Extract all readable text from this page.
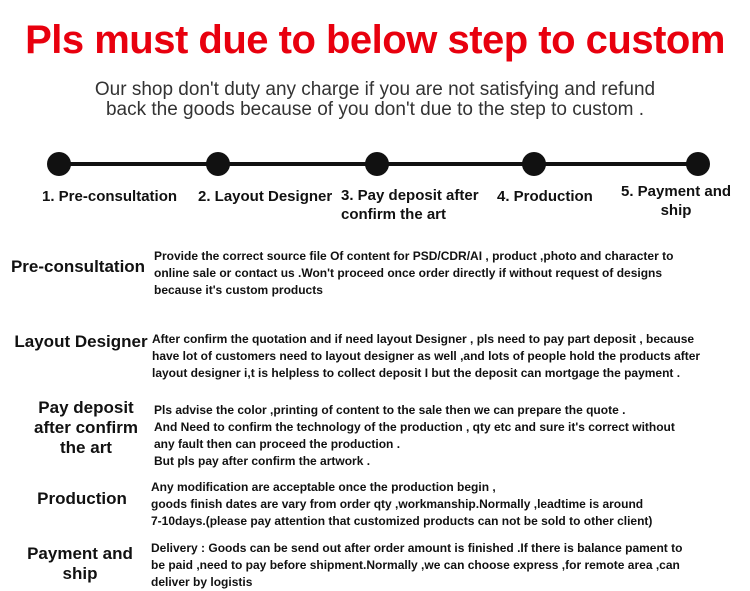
Pls must due to below step to custom
Our shop don't duty any charge if you are not satisfying and refund
back the goods because of you don't due to the step to custom .
1. Pre-consultation 2. Layout Designer 3. Pay deposit after
confirm the art
4. Production 5. Payment and
ship
Pre-consultation
Provide the correct source file Of content for PSD/CDR/AI , product ,photo and character to
online sale or contact us .Won't proceed once order directly if without request of designs
because it's custom products
Layout Designer After confirm the quotation and if need layout Designer , pls need to pay part deposit , because
have lot of customers need to layout designer as well ,and lots of people hold the products after
layout designer i,t is helpless to collect deposit I but the deposit can mortgage the payment .
Pay deposit
after confirm
the art
Pls advise the color ,printing of content to the sale then we can prepare the quote .
And Need to confirm the technology of the production , qty etc and sure it's correct without
any fault then can proceed the production .
But pls pay after confirm the artwork .
Production
Any modification are acceptable once the production begin ,
goods finish dates are vary from order qty ,workmanship.Normally ,leadtime is around
7-10days.(please pay attention that customized products can not be sold to other client)
Payment and
ship
Delivery : Goods can be send out after order amount is finished .If there is balance pament to
be paid ,need to pay before shipment.Normally ,we can choose express ,for remote area ,can
deliver by logistis
